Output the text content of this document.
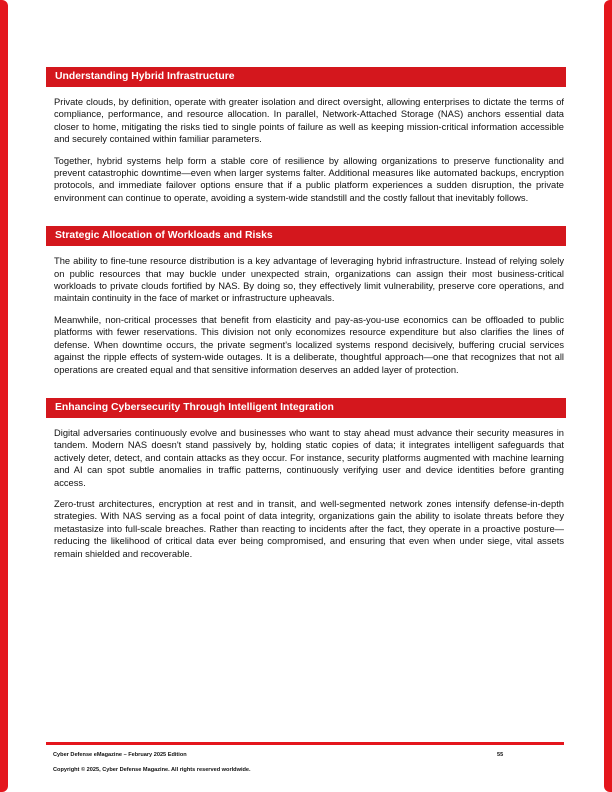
Understanding Hybrid Infrastructure

Private clouds, by definition, operate with greater isolation and direct oversight, allowing enterprises to dictate the terms of compliance, performance, and resource allocation. In parallel, Network-Attached Storage (NAS) anchors essential data closer to home, mitigating the risks tied to single points of failure as well as keeping mission-critical information accessible and securely contained within familiar parameters.

Together, hybrid systems help form a stable core of resilience by allowing organizations to preserve functionality and prevent catastrophic downtime—even when larger systems falter. Additional measures like automated backups, encryption protocols, and immediate failover options ensure that if a public platform experiences a sudden disruption, the private environment can continue to operate, avoiding a system-wide standstill and the costly fallout that inevitably follows.

Strategic Allocation of Workloads and Risks

The ability to fine-tune resource distribution is a key advantage of leveraging hybrid infrastructure. Instead of relying solely on public resources that may buckle under unexpected strain, organizations can assign their most business-critical workloads to private clouds fortified by NAS. By doing so, they effectively limit vulnerability, preserve core operations, and maintain continuity in the face of market or infrastructure upheavals.

Meanwhile, non-critical processes that benefit from elasticity and pay-as-you-use economics can be offloaded to public platforms with fewer reservations. This division not only economizes resource expenditure but also clarifies the lines of defense. When downtime occurs, the private segment's localized systems respond decisively, buffering crucial services against the ripple effects of system-wide outages. It is a deliberate, thoughtful approach—one that recognizes that not all operations are created equal and that sensitive information deserves an added layer of protection.

Enhancing Cybersecurity Through Intelligent Integration

Digital adversaries continuously evolve and businesses who want to stay ahead must advance their security measures in tandem. Modern NAS doesn't stand passively by, holding static copies of data; it integrates intelligent safeguards that actively deter, detect, and contain attacks as they occur. For instance, security platforms augmented with machine learning and AI can spot subtle anomalies in traffic patterns, continuously verifying user and device identities before granting access.

Zero-trust architectures, encryption at rest and in transit, and well-segmented network zones intensify defense-in-depth strategies. With NAS serving as a focal point of data integrity, organizations gain the ability to isolate threats before they metastasize into full-scale breaches. Rather than reacting to incidents after the fact, they operate in a proactive posture—reducing the likelihood of critical data ever being compromised, and ensuring that even when under siege, vital assets remain shielded and recoverable.

Cyber Defense eMagazine – February 2025 Edition	55
Copyright © 2025, Cyber Defense Magazine. All rights reserved worldwide.
